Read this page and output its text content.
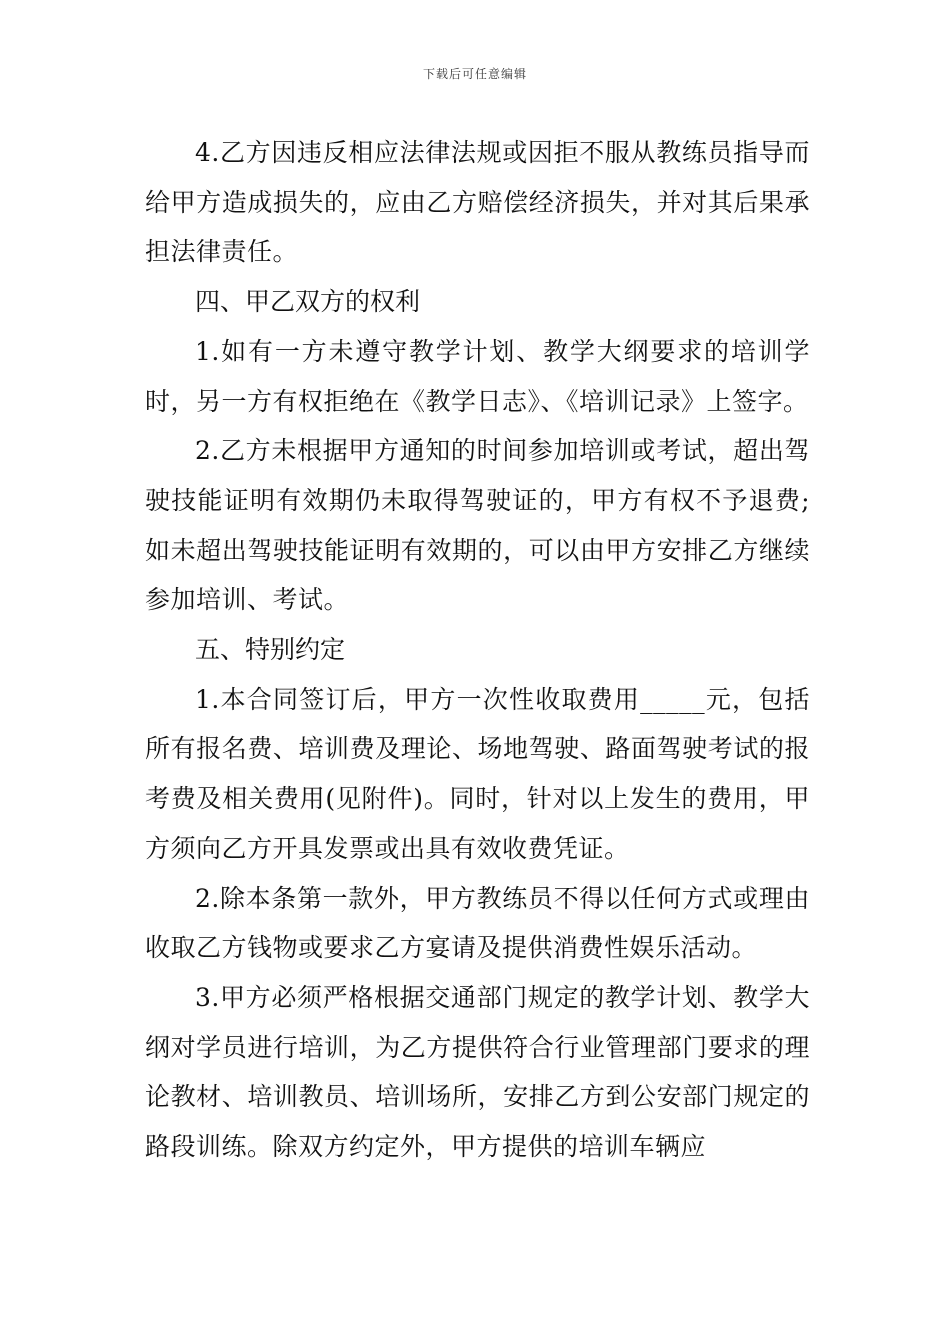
下载后可任意编辑

4.乙方因违反相应法律法规或因拒不服从教练员指导而给甲方造成损失的，应由乙方赔偿经济损失，并对其后果承担法律责任。

四、甲乙双方的权利

1.如有一方未遵守教学计划、教学大纲要求的培训学时，另一方有权拒绝在《教学日志》、《培训记录》上签字。

2.乙方未根据甲方通知的时间参加培训或考试，超出驾驶技能证明有效期仍未取得驾驶证的，甲方有权不予退费;如未超出驾驶技能证明有效期的，可以由甲方安排乙方继续参加培训、考试。

五、特别约定

1.本合同签订后，甲方一次性收取费用_____元，包括所有报名费、培训费及理论、场地驾驶、路面驾驶考试的报考费及相关费用(见附件)。同时，针对以上发生的费用，甲方须向乙方开具发票或出具有效收费凭证。

2.除本条第一款外，甲方教练员不得以任何方式或理由收取乙方钱物或要求乙方宴请及提供消费性娱乐活动。

3.甲方必须严格根据交通部门规定的教学计划、教学大纲对学员进行培训，为乙方提供符合行业管理部门要求的理论教材、培训教员、培训场所，安排乙方到公安部门规定的路段训练。除双方约定外，甲方提供的培训车辆应
